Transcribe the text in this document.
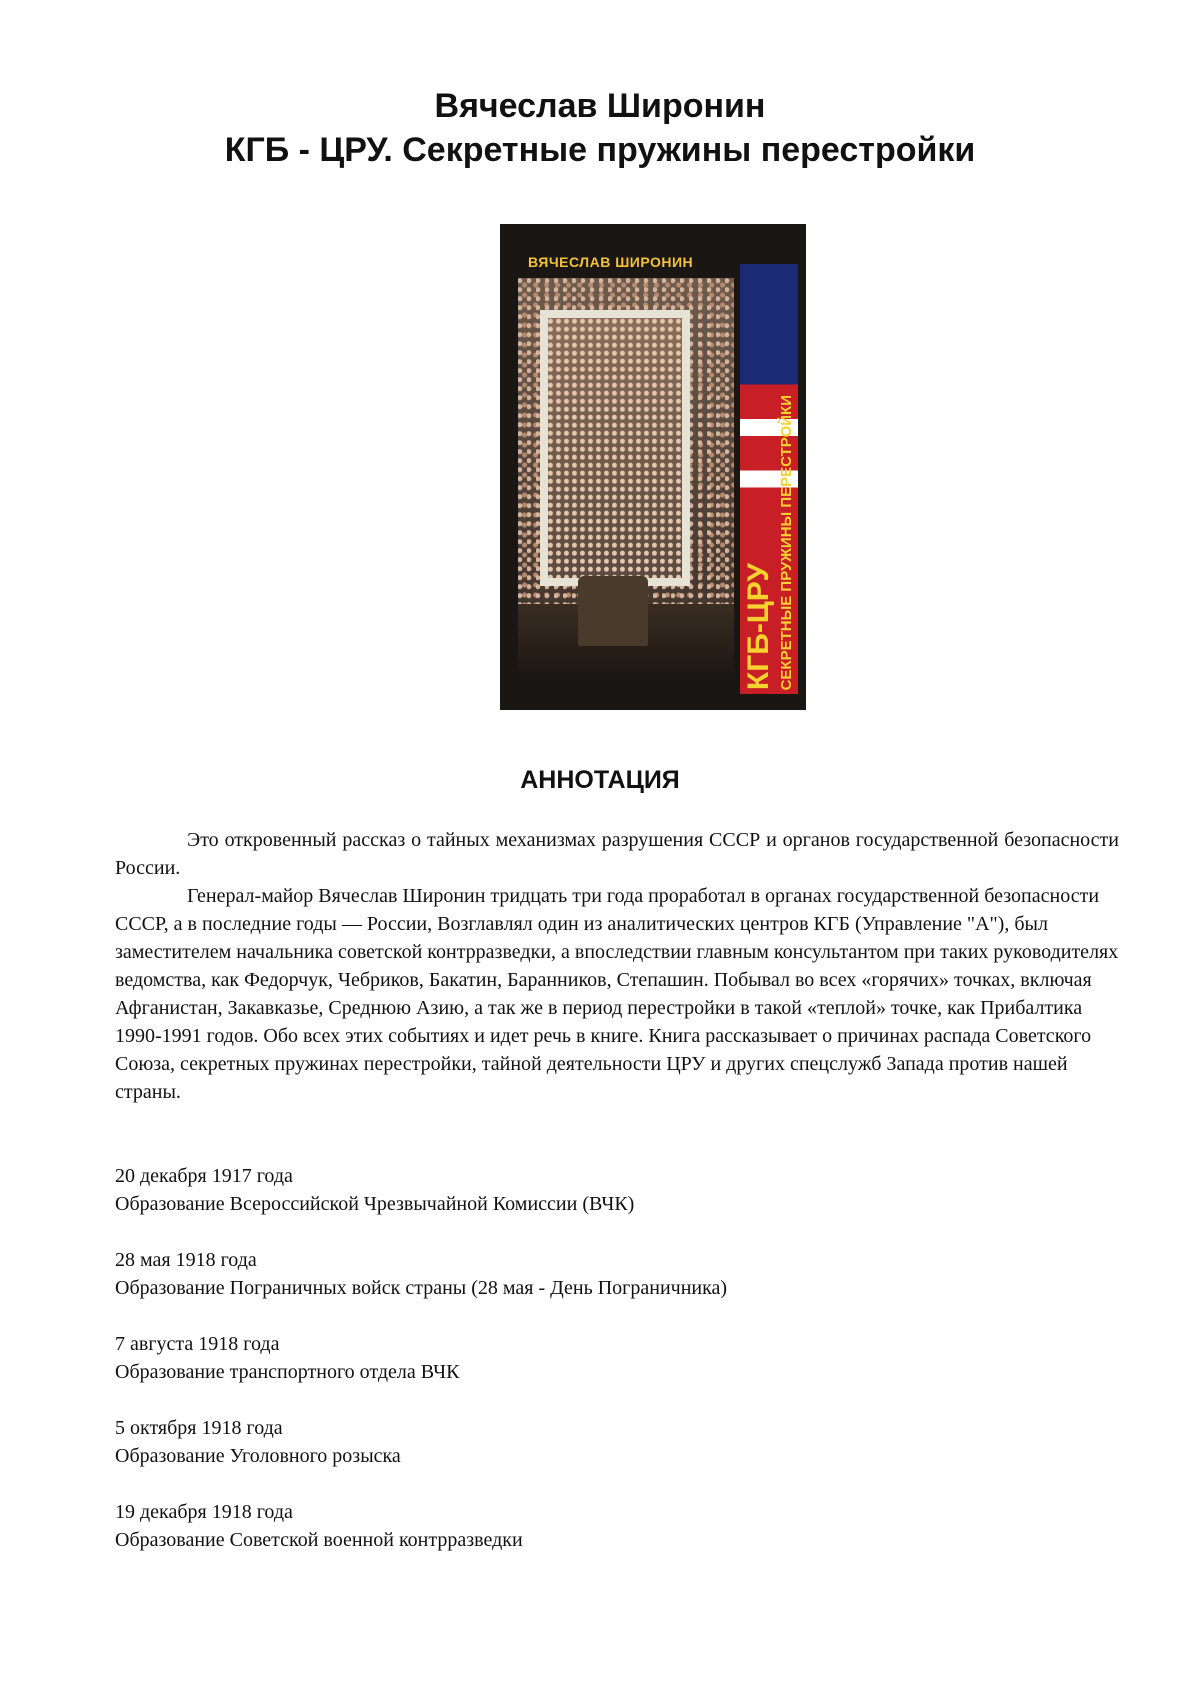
Вячеслав Широнин
КГБ - ЦРУ. Секретные пружины перестройки
ВЯЧЕСЛАВ ШИРОНИН
КГБ-ЦРУ СЕКРЕТНЫЕ ПРУЖИНЫ ПЕРЕСТРОЙКИ
АННОТАЦИЯ

Это откровенный рассказ о тайных механизмах разрушения СССР и органов государственной безопасности России.

Генерал-майор Вячеслав Широнин тридцать три года проработал в органах государственной безопасности СССР, а в последние годы — России, Возглавлял один из аналитических центров КГБ (Управление "А"), был заместителем начальника советской контрразведки, а впоследствии главным консультантом при таких руководителях ведомства, как Федорчук, Чебриков, Бакатин, Баранников, Степашин. Побывал во всех «горячих» точках, включая Афганистан, Закавказье, Среднюю Азию, а так же в период перестройки в такой «теплой» точке, как Прибалтика 1990-1991 годов. Обо всех этих событиях и идет речь в книге. Книга рассказывает о причинах распада Советского Союза, секретных пружинах перестройки, тайной деятельности ЦРУ и других спецслужб Запада против нашей страны.

20 декабря 1917 года
Образование Всероссийской Чрезвычайной Комиссии (ВЧК)
28 мая 1918 года
Образование Пограничных войск страны (28 мая - День Пограничника)
7 августа 1918 года
Образование транспортного отдела ВЧК
5 октября 1918 года
Образование Уголовного розыска
19 декабря 1918 года
Образование Советской военной контрразведки
